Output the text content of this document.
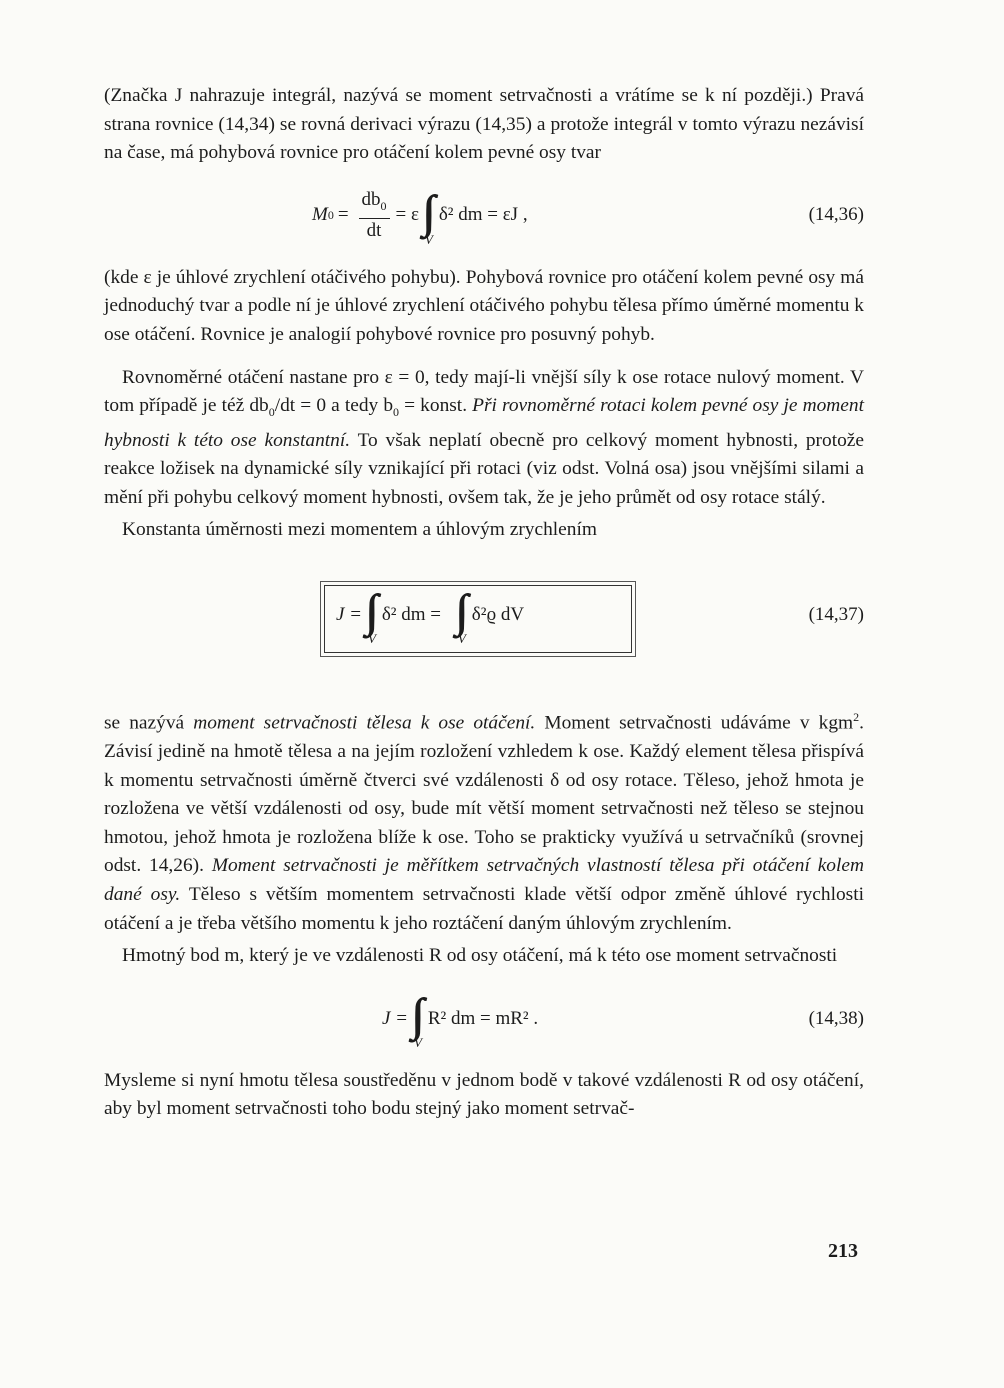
(Značka J nahrazuje integrál, nazývá se moment setrvačnosti a vrátíme se k ní později.) Pravá strana rovnice (14,34) se rovná derivaci výrazu (14,35) a protože integrál v tomto výrazu nezávisí na čase, má pohybová rovnice pro otáčení kolem pevné osy tvar

M $0 = \frac{db_0}{dt} = \varepsilon$ ∫∫∫
V
δ² dm = εJ ,	(14,36)

(kde ε je úhlové zrychlení otáčivého pohybu). Pohybová rovnice pro otáčení kolem pevné osy má jednoduchý tvar a podle ní je úhlové zrychlení otáčivého pohybu tělesa přímo úměrné momentu k ose otáčení. Rovnice je analogií pohybové rovnice pro posuvný pohyb.

Rovnoměrné otáčení nastane pro ε = 0, tedy mají-li vnější síly k ose rotace nulový moment. V tom případě je též $db_0/dt = 0$ a tedy $b_0$ = konst. Při rovnoměrné rotaci kolem pevné osy je moment hybnosti k této ose konstantní. To však neplatí obecně pro celkový moment hybnosti, protože reakce ložisek na dynamické síly vznikající při rotaci (viz odst. Volná osa) jsou vnějšími silami a mění při pohybu celkový moment hybnosti, ovšem tak, že je jeho průmět od osy rotace stálý.

Konstanta úměrnosti mezi momentem a úhlovým zrychlením

J = ∫∫∫
V
δ² dm = ∫∫∫
V
δ²ϱ dV	(14,37)

se nazývá moment setrvačnosti tělesa k ose otáčení. Moment setrvačnosti udáváme v kgm$^2$. Závisí jedině na hmotě tělesa a na jejím rozložení vzhledem k ose. Každý element tělesa přispívá k momentu setrvačnosti úměrně čtverci své vzdálenosti δ od osy rotace. Těleso, jehož hmota je rozložena ve větší vzdálenosti od osy, bude mít větší moment setrvačnosti než těleso se stejnou hmotou, jehož hmota je rozložena blíže k ose. Toho se prakticky využívá u setrvačníků (srovnej odst. 14,26). Moment setrvačnosti je měřítkem setrvačných vlastností tělesa při otáčení kolem dané osy. Těleso s větším momentem setrvačnosti klade větší odpor změně úhlové rychlosti otáčení a je třeba většího momentu k jeho roztáčení daným úhlovým zrychlením.

Hmotný bod m, který je ve vzdálenosti R od osy otáčení, má k této ose moment setrvačnosti

J = ∫∫∫
V
R² dm = mR² .	(14,38)

Mysleme si nyní hmotu tělesa soustředěnu v jednom bodě v takové vzdálenosti R od osy otáčení, aby byl moment setrvačnosti toho bodu stejný jako moment setrvač-

213
